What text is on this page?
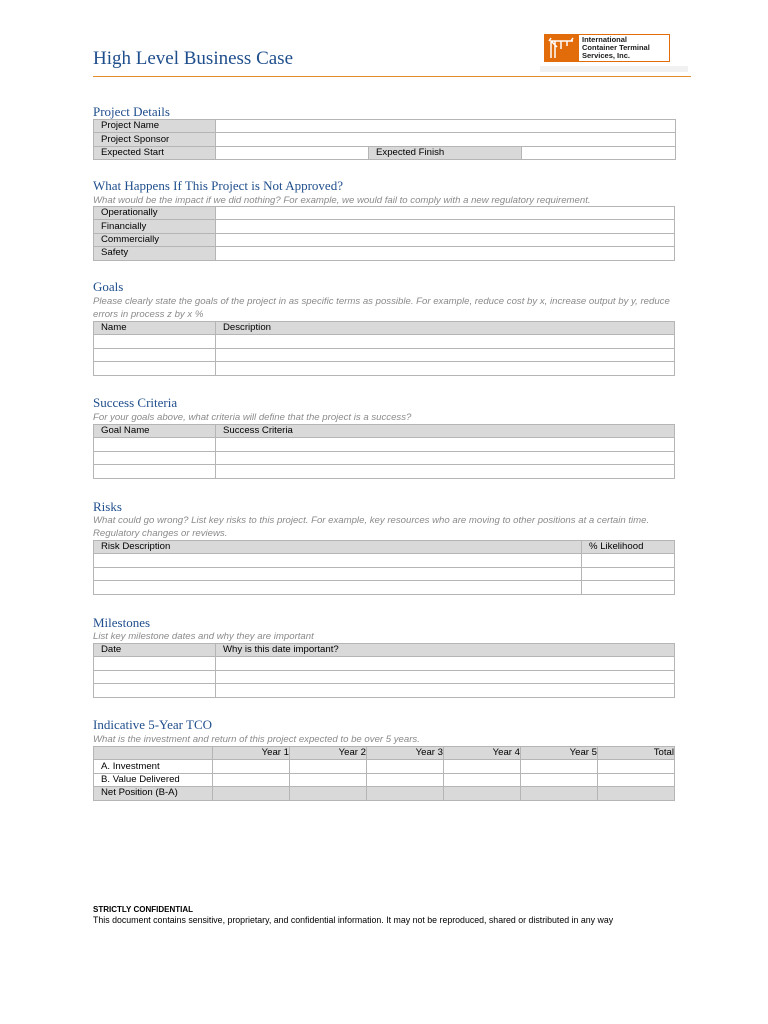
High Level Business Case
International
Container Terminal
Services, Inc.
Project Details
Project Name			
Project Sponsor			
Expected Start		Expected Finish	
What Happens If This Project is Not Approved?
What would be the impact if we did nothing? For example, we would fail to comply with a new regulatory requirement.
Operationally	
Financially	
Commercially	
Safety	
Goals
Please clearly state the goals of the project in as specific terms as possible. For example, reduce cost by x, increase output by y, reduce errors in process z by x %
Name	Description

Success Criteria
For your goals above, what criteria will define that the project is a success?
Goal Name	Success Criteria

Risks
What could go wrong? List key risks to this project. For example, key resources who are moving to other positions at a certain time. Regulatory changes or reviews.
Risk Description	% Likelihood

Milestones
List key milestone dates and why they are important
Date	Why is this date important?

Indicative 5-Year TCO
What is the investment and return of this project expected to be over 5 years.
	Year 1	Year 2	Year 3	Year 4	Year 5	Total
A. Investment						
B. Value Delivered						
Net Position (B-A)						
STRICTLY CONFIDENTIAL
This document contains sensitive, proprietary, and confidential information. It may not be reproduced, shared or distributed in any way
